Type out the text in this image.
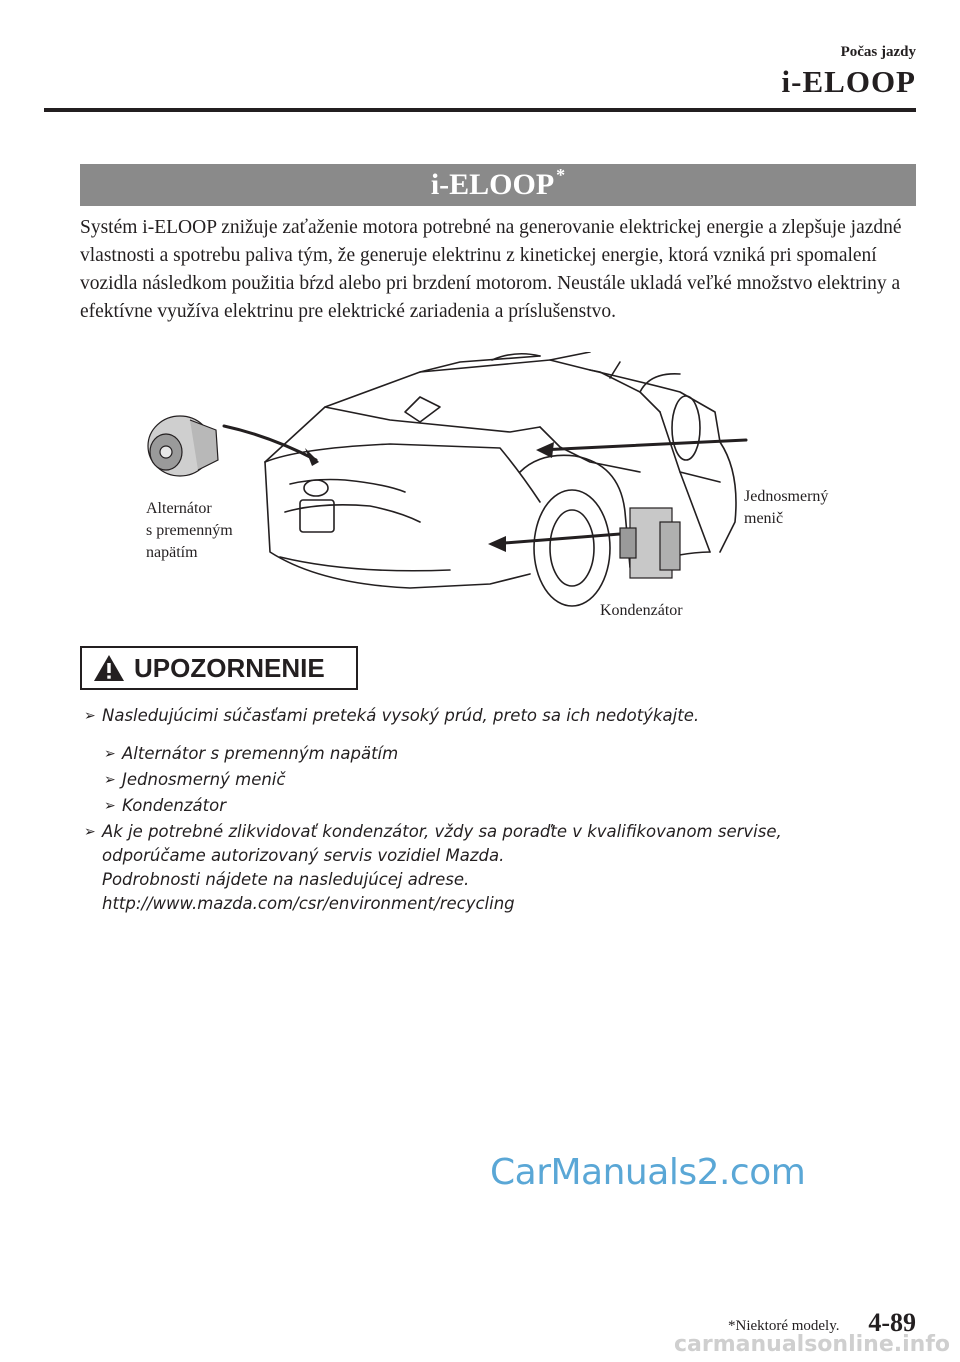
Počas jazdy
i-ELOOP
i-ELOOP *

Systém i-ELOOP znižuje zaťaženie motora potrebné na generovanie elektrickej energie a zlepšuje jazdné vlastnosti a spotrebu paliva tým, že generuje elektrinu z kinetickej energie, ktorá vzniká pri spomalení vozidla následkom použitia bŕzd alebo pri brzdení motorom. Neustále ukladá veľké množstvo elektriny a efektívne využíva elektrinu pre elektrické zariadenia a príslušenstvo.

Alternátor
s premenným
napätím
Jednosmerný
menič
Kondenzátor
UPOZORNENIE
➢ Nasledujúcimi súčasťami preteká vysoký prúd, preto sa ich nedotýkajte.
➢ Alternátor s premenným napätím
➢ Jednosmerný menič
➢ Kondenzátor
➢ Ak je potrebné zlikvidovať kondenzátor, vždy sa poraďte v kvalifikovanom servise,
odporúčame autorizovaný servis vozidiel Mazda.
Podrobnosti nájdete na nasledujúcej adrese.
http://www.mazda.com/csr/environment/recycling
CarManuals2.com
*Niektoré modely. 4-89
carmanualsonline.info
